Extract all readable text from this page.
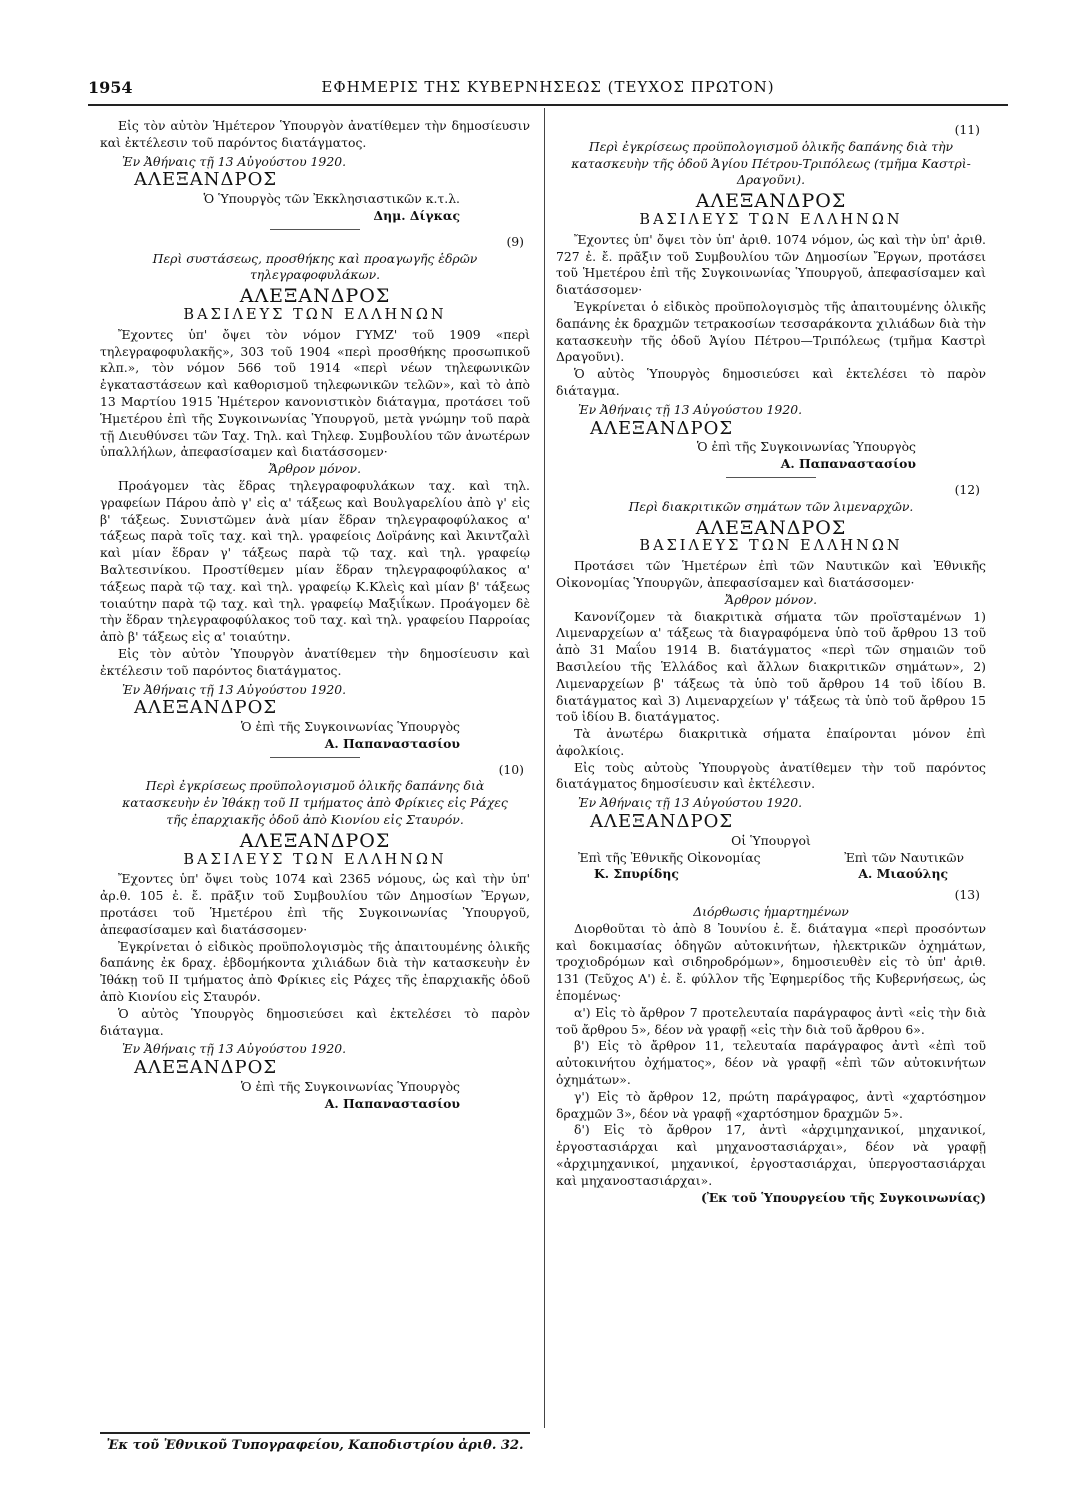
1954	ΕΦΗΜΕΡΙΣ ΤΗΣ ΚΥΒΕΡΝΗΣΕΩΣ (ΤΕΥΧΟΣ ΠΡΩΤΟΝ)

Εἰς τὸν αὐτὸν Ἡμέτερον Ὑπουργὸν ἀνατίθεμεν τὴν δημοσίευσιν καὶ ἐκτέλεσιν τοῦ παρόντος διατάγματος.

Ἐν Ἀθήναις τῇ 13 Αὐγούστου 1920.

ΑΛΕΞΑΝΔΡΟΣ

Ὁ Ὑπουργὸς τῶν Ἐκκλησιαστικῶν κ.τ.λ.

Δημ. Δίγκας

(9)

Περὶ συστάσεως, προσθήκης καὶ προαγωγῆς ἑδρῶν τηλεγραφοφυλάκων.

ΑΛΕΞΑΝΔΡΟΣ
ΒΑΣΙΛΕΥΣ ΤΩΝ ΕΛΛΗΝΩΝ

Ἔχοντες ὑπ' ὄψει τὸν νόμον ΓΥΜΖ' τοῦ 1909 «περὶ τηλεγραφοφυλακῆς», 303 τοῦ 1904 «περὶ προσθήκης προσωπικοῦ κλπ.», τὸν νόμον 566 τοῦ 1914 «περὶ νέων τηλεφωνικῶν ἐγκαταστάσεων καὶ καθορισμοῦ τηλεφωνικῶν τελῶν», καὶ τὸ ἀπὸ 13 Μαρτίου 1915 Ἡμέτερον κανονιστικὸν διάταγμα, προτάσει τοῦ Ἡμετέρου ἐπὶ τῆς Συγκοινωνίας Ὑπουργοῦ, μετὰ γνώμην τοῦ παρὰ τῇ Διευθύνσει τῶν Ταχ. Τηλ. καὶ Τηλεφ. Συμβουλίου τῶν ἀνωτέρων ὑπαλλήλων, ἀπεφασίσαμεν καὶ διατάσσομεν·

Ἄρθρον μόνον.

Προάγομεν τὰς ἕδρας τηλεγραφοφυλάκων ταχ. καὶ τηλ. γραφείων Πάρου ἀπὸ γ' εἰς α' τάξεως καὶ Βουλγαρελίου ἀπὸ γ' εἰς β' τάξεως. Συνιστῶμεν ἀνὰ μίαν ἕδραν τηλεγραφοφύλακος α' τάξεως παρὰ τοῖς ταχ. καὶ τηλ. γραφείοις Δοϊράνης καὶ Ἀκιντζαλὶ καὶ μίαν ἕδραν γ' τάξεως παρὰ τῷ ταχ. καὶ τηλ. γραφείῳ Βαλτεσινίκου. Προστίθεμεν μίαν ἕδραν τηλεγραφοφύλακος α' τάξεως παρὰ τῷ ταχ. καὶ τηλ. γραφείῳ Κ.Κλεὶς καὶ μίαν β' τάξεως τοιαύτην παρὰ τῷ ταχ. καὶ τηλ. γραφείῳ Μαξιΐκων. Προάγομεν δὲ τὴν ἕδραν τηλεγραφοφύλακος τοῦ ταχ. καὶ τηλ. γραφείου Παρροίας ἀπὸ β' τάξεως εἰς α' τοιαύτην.

Εἰς τὸν αὐτὸν Ὑπουργὸν ἀνατίθεμεν τὴν δημοσίευσιν καὶ ἐκτέλεσιν τοῦ παρόντος διατάγματος.

Ἐν Ἀθήναις τῇ 13 Αὐγούστου 1920.

ΑΛΕΞΑΝΔΡΟΣ

Ὁ ἐπὶ τῆς Συγκοινωνίας Ὑπουργὸς

Α. Παπαναστασίου

(10)

Περὶ ἐγκρίσεως προϋπολογισμοῦ ὁλικῆς δαπάνης διὰ κατασκευὴν ἐν Ἰθάκῃ τοῦ ΙΙ τμήματος ἀπὸ Φρίκιες εἰς Ράχες τῆς ἐπαρχιακῆς ὁδοῦ ἀπὸ Κιονίου εἰς Σταυρόν.

ΑΛΕΞΑΝΔΡΟΣ
ΒΑΣΙΛΕΥΣ ΤΩΝ ΕΛΛΗΝΩΝ

Ἔχοντες ὑπ' ὄψει τοὺς 1074 καὶ 2365 νόμους, ὡς καὶ τὴν ὑπ' ἀρ.θ. 105 ἐ. ἔ. πρᾶξιν τοῦ Συμβουλίου τῶν Δημοσίων Ἔργων, προτάσει τοῦ Ἡμετέρου ἐπὶ τῆς Συγκοινωνίας Ὑπουργοῦ, ἀπεφασίσαμεν καὶ διατάσσομεν·

Ἐγκρίνεται ὁ εἰδικὸς προϋπολογισμὸς τῆς ἀπαιτουμένης ὁλικῆς δαπάνης ἐκ δραχ. ἑβδομήκοντα χιλιάδων διὰ τὴν κατασκευὴν ἐν Ἰθάκῃ τοῦ ΙΙ τμήματος ἀπὸ Φρίκιες εἰς Ράχες τῆς ἐπαρχιακῆς ὁδοῦ ἀπὸ Κιονίου εἰς Σταυρόν.

Ὁ αὐτὸς Ὑπουργὸς δημοσιεύσει καὶ ἐκτελέσει τὸ παρὸν διάταγμα.

Ἐν Ἀθήναις τῇ 13 Αὐγούστου 1920.

ΑΛΕΞΑΝΔΡΟΣ

Ὁ ἐπὶ τῆς Συγκοινωνίας Ὑπουργὸς

Α. Παπαναστασίου

Ἐκ τοῦ Ἐθνικοῦ Τυπογραφείου, Καποδιστρίου ἀριθ. 32.

(11)

Περὶ ἐγκρίσεως προϋπολογισμοῦ ὁλικῆς δαπάνης διὰ τὴν κατασκευὴν τῆς ὁδοῦ Ἁγίου Πέτρου-Τριπόλεως (τμῆμα Καστρὶ-Δραγοῦνι).

ΑΛΕΞΑΝΔΡΟΣ
ΒΑΣΙΛΕΥΣ ΤΩΝ ΕΛΛΗΝΩΝ

Ἔχοντες ὑπ' ὄψει τὸν ὑπ' ἀριθ. 1074 νόμον, ὡς καὶ τὴν ὑπ' ἀριθ. 727 ἐ. ἔ. πρᾶξιν τοῦ Συμβουλίου τῶν Δημοσίων Ἔργων, προτάσει τοῦ Ἡμετέρου ἐπὶ τῆς Συγκοινωνίας Ὑπουργοῦ, ἀπεφασίσαμεν καὶ διατάσσομεν·

Ἐγκρίνεται ὁ εἰδικὸς προϋπολογισμὸς τῆς ἀπαιτουμένης ὁλικῆς δαπάνης ἐκ δραχμῶν τετρακοσίων τεσσαράκοντα χιλιάδων διὰ τὴν κατασκευὴν τῆς ὁδοῦ Ἁγίου Πέτρου—Τριπόλεως (τμῆμα Καστρὶ Δραγοῦνι).

Ὁ αὐτὸς Ὑπουργὸς δημοσιεύσει καὶ ἐκτελέσει τὸ παρὸν διάταγμα.

Ἐν Ἀθήναις τῇ 13 Αὐγούστου 1920.

ΑΛΕΞΑΝΔΡΟΣ

Ὁ ἐπὶ τῆς Συγκοινωνίας Ὑπουργὸς

Α. Παπαναστασίου

(12)

Περὶ διακριτικῶν σημάτων τῶν λιμεναρχῶν.

ΑΛΕΞΑΝΔΡΟΣ
ΒΑΣΙΛΕΥΣ ΤΩΝ ΕΛΛΗΝΩΝ

Προτάσει τῶν Ἡμετέρων ἐπὶ τῶν Ναυτικῶν καὶ Ἐθνικῆς Οἰκονομίας Ὑπουργῶν, ἀπεφασίσαμεν καὶ διατάσσομεν·

Ἄρθρον μόνον.

Κανονίζομεν τὰ διακριτικὰ σήματα τῶν προϊσταμένων 1) Λιμεναρχείων α' τάξεως τὰ διαγραφόμενα ὑπὸ τοῦ ἄρθρου 13 τοῦ ἀπὸ 31 Μαΐου 1914 Β. διατάγματος «περὶ τῶν σημαιῶν τοῦ Βασιλείου τῆς Ἑλλάδος καὶ ἄλλων διακριτικῶν σημάτων», 2) Λιμεναρχείων β' τάξεως τὰ ὑπὸ τοῦ ἄρθρου 14 τοῦ ἰδίου Β. διατάγματος καὶ 3) Λιμεναρχείων γ' τάξεως τὰ ὑπὸ τοῦ ἄρθρου 15 τοῦ ἰδίου Β. διατάγματος.

Τὰ ἀνωτέρω διακριτικὰ σήματα ἐπαίρονται μόνον ἐπὶ ἀφολκίοις.

Εἰς τοὺς αὐτοὺς Ὑπουργοὺς ἀνατίθεμεν τὴν τοῦ παρόντος διατάγματος δημοσίευσιν καὶ ἐκτέλεσιν.

Ἐν Ἀθήναις τῇ 13 Αὐγούστου 1920.

ΑΛΕΞΑΝΔΡΟΣ

Οἱ Ὑπουργοὶ

Ἐπὶ τῆς Ἐθνικῆς Οἰκονομίας	Ἐπὶ τῶν Ναυτικῶν
Κ. Σπυρίδης	Α. Μιαούλης

(13)

Διόρθωσις ἡμαρτημένων

Διορθοῦται τὸ ἀπὸ 8 Ἰουνίου ἐ. ἔ. διάταγμα «περὶ προσόντων καὶ δοκιμασίας ὁδηγῶν αὐτοκινήτων, ἠλεκτρικῶν ὀχημάτων, τροχιοδρόμων καὶ σιδηροδρόμων», δημοσιευθὲν εἰς τὸ ὑπ' ἀριθ. 131 (Τεῦχος Α') ἐ. ἔ. φύλλον τῆς Ἐφημερίδος τῆς Κυβερνήσεως, ὡς ἑπομένως·

α') Εἰς τὸ ἄρθρον 7 προτελευταία παράγραφος ἀντὶ «εἰς τὴν διὰ τοῦ ἄρθρου 5», δέον νὰ γραφῇ «εἰς τὴν διὰ τοῦ ἄρθρου 6».

β') Εἰς τὸ ἄρθρον 11, τελευταία παράγραφος ἀντὶ «ἐπὶ τοῦ αὐτοκινήτου ὀχήματος», δέον νὰ γραφῇ «ἐπὶ τῶν αὐτοκινήτων ὀχημάτων».

γ') Εἰς τὸ ἄρθρον 12, πρώτη παράγραφος, ἀντὶ «χαρτόσημον δραχμῶν 3», δέον νὰ γραφῇ «χαρτόσημον δραχμῶν 5».

δ') Εἰς τὸ ἄρθρον 17, ἀντὶ «ἀρχιμηχανικοί, μηχανικοί, ἐργοστασιάρχαι καὶ μηχανοστασιάρχαι», δέον νὰ γραφῇ «ἀρχιμηχανικοί, μηχανικοί, ἐργοστασιάρχαι, ὑπεργοστασιάρχαι καὶ μηχανοστασιάρχαι».

(Ἐκ τοῦ Ὑπουργείου τῆς Συγκοινωνίας)
